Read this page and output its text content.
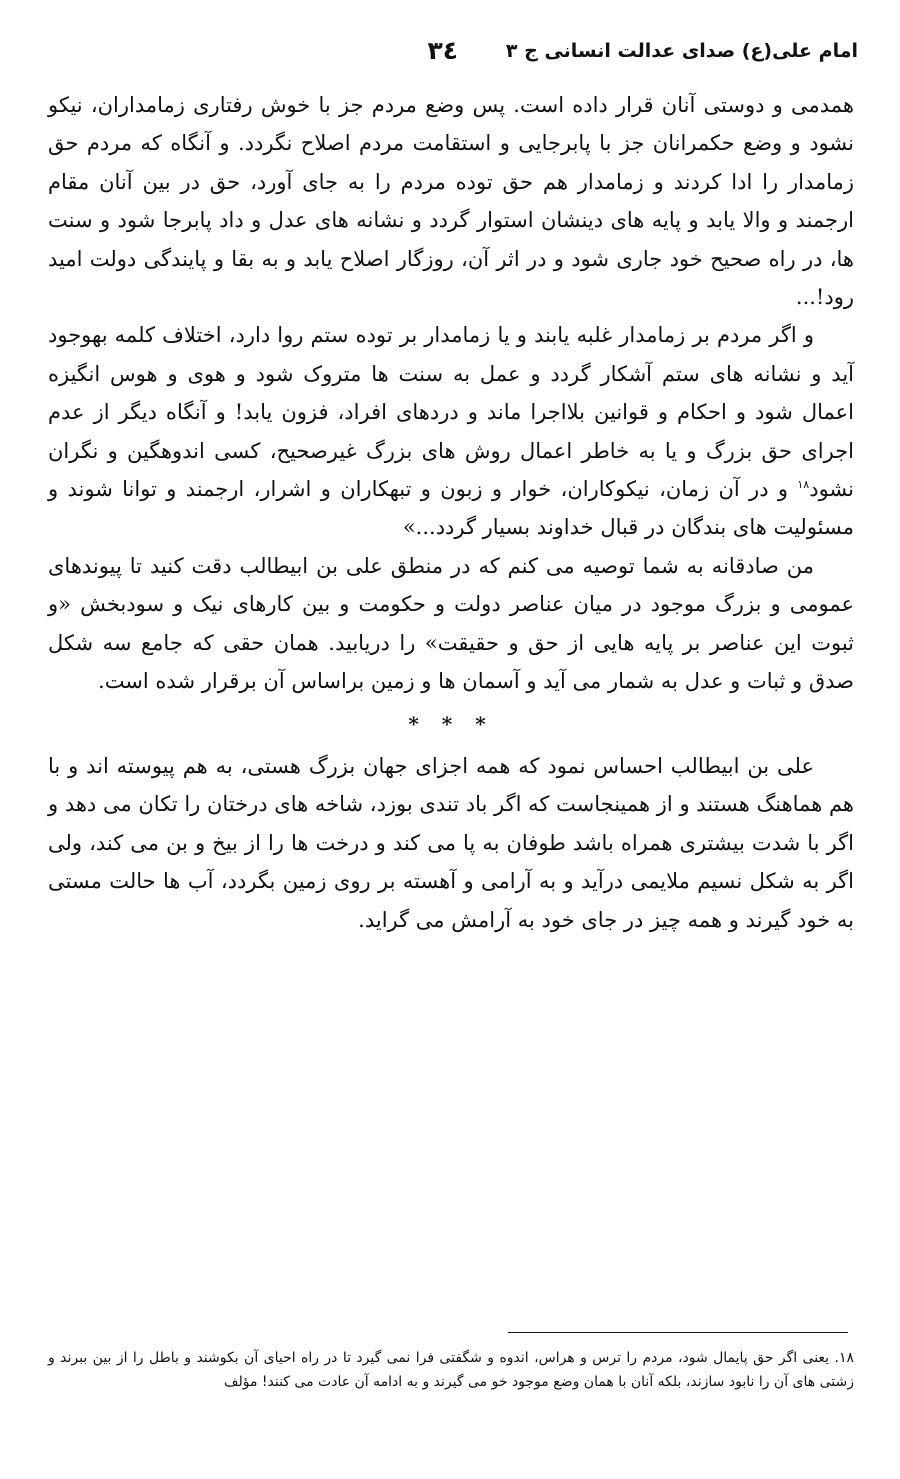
امام علی(ع) صدای عدالت انسانی ج ٣
٣٤

همدمی و دوستی آنان قرار داده است. پس وضع مردم جز با خوش رفتاری زمامداران، نیکو نشود و وضع حکمرانان جز با پابرجایی و استقامت مردم اصلاح نگردد. و آنگاه که مردم حق زمامدار را ادا کردند و زمامدار هم حق توده مردم را به جای آورد، حق در بین آنان مقام ارجمند و والا یابد و پایه های دینشان استوار گردد و نشانه های عدل و داد پابرجا شود و سنت ها، در راه صحیح خود جاری شود و در اثر آن، روزگار اصلاح یابد و به بقا و پایندگی دولت امید رود!...

و اگر مردم بر زمامدار غلبه یابند و یا زمامدار بر توده ستم روا دارد، اختلاف کلمه بهوجود آید و نشانه های ستم آشکار گردد و عمل به سنت ها متروک شود و هوی و هوس انگیزه اعمال شود و احکام و قوانین بلااجرا ماند و دردهای افراد، فزون یابد! و آنگاه دیگر از عدم اجرای حق بزرگ و یا به خاطر اعمال روش های بزرگ غیرصحیح، کسی اندوهگین و نگران نشود$^{١٨}$ و در آن زمان، نیکوکاران، خوار و زبون و تبهکاران و اشرار، ارجمند و توانا شوند و مسئولیت های بندگان در قبال خداوند بسیار گردد...»

من صادقانه به شما توصیه می کنم که در منطق علی بن ابیطالب دقت کنید تا پیوندهای عمومی و بزرگ موجود در میان عناصر دولت و حکومت و بین کارهای نیک و سودبخش «و ثبوت این عناصر بر پایه هایی از حق و حقیقت» را دریابید. همان حقی که جامع سه شکل صدق و ثبات و عدل به شمار می آید و آسمان ها و زمین براساس آن برقرار شده است.

* * *

علی بن ابیطالب احساس نمود که همه اجزای جهان بزرگ هستی، به هم پیوسته اند و با هم هماهنگ هستند و از همینجاست که اگر باد تندی بوزد، شاخه های درختان را تکان می دهد و اگر با شدت بیشتری همراه باشد طوفان به پا می کند و درخت ها را از بیخ و بن می کند، ولی اگر به شکل نسیم ملایمی درآید و به آرامی و آهسته بر روی زمین بگردد، آب ها حالت مستی به خود گیرند و همه چیز در جای خود به آرامش می گراید.

١٨. یعنی اگر حق پایمال شود، مردم را ترس و هراس، اندوه و شگفتی فرا نمی گیرد تا در راه احیای آن بکوشند و باطل را از بین ببرند و زشتی های آن را نابود سازند، بلکه آنان با همان وضع موجود خو می گیرند و به ادامه آن عادت می کنند! مؤلف
